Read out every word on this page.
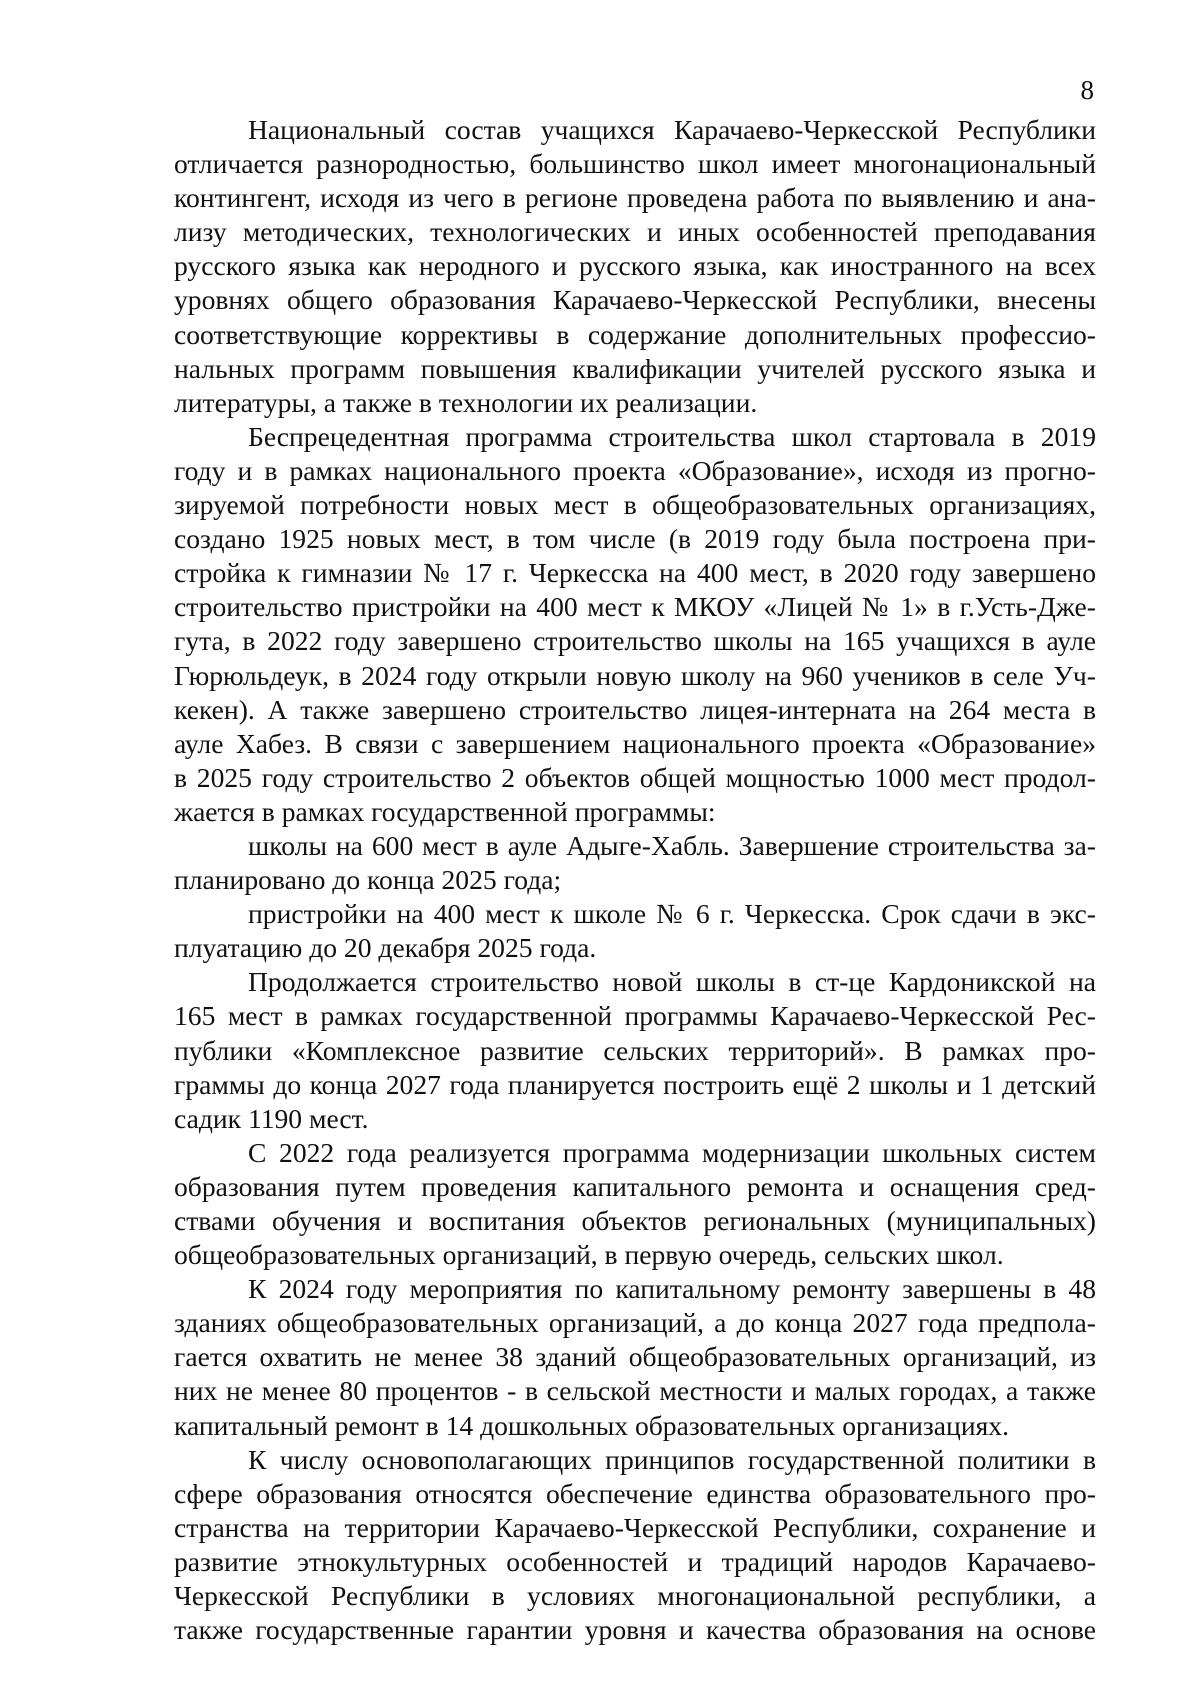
8
Национальный состав учащихся Карачаево-Черкесской Республики
отличается разнородностью, большинство школ имеет многонациональный
контингент, исходя из чего в регионе проведена работа по выявлению и ана-
лизу методических, технологических и иных особенностей преподавания
русского языка как неродного и русского языка, как иностранного на всех
уровнях общего образования Карачаево-Черкесской Республики, внесены
соответствующие коррективы в содержание дополнительных профессио-
нальных программ повышения квалификации учителей русского языка и
литературы, а также в технологии их реализации.
Беспрецедентная программа строительства школ стартовала в 2019
году и в рамках национального проекта «Образование», исходя из прогно-
зируемой потребности новых мест в общеобразовательных организациях,
создано 1925 новых мест, в том числе (в 2019 году была построена при-
стройка к гимназии № 17 г. Черкесска на 400 мест, в 2020 году завершено
строительство пристройки на 400 мест к МКОУ «Лицей № 1» в г.Усть-Дже-
гута, в 2022 году завершено строительство школы на 165 учащихся в ауле
Гюрюльдеук, в 2024 году открыли новую школу на 960 учеников в селе Уч-
кекен). А также завершено строительство лицея-интерната на 264 места в
ауле Хабез. В связи с завершением национального проекта «Образование»
в 2025 году строительство 2 объектов общей мощностью 1000 мест продол-
жается в рамках государственной программы:
школы на 600 мест в ауле Адыге-Хабль. Завершение строительства за-
планировано до конца 2025 года;
пристройки на 400 мест к школе № 6 г. Черкесска. Срок сдачи в экс-
плуатацию до 20 декабря 2025 года.
Продолжается строительство новой школы в ст-це Кардоникской на
165 мест в рамках государственной программы Карачаево-Черкесской Рес-
публики «Комплексное развитие сельских территорий». В рамках про-
граммы до конца 2027 года планируется построить ещё 2 школы и 1 детский
садик 1190 мест.
С 2022 года реализуется программа модернизации школьных систем
образования путем проведения капитального ремонта и оснащения сред-
ствами обучения и воспитания объектов региональных (муниципальных)
общеобразовательных организаций, в первую очередь, сельских школ.
К 2024 году мероприятия по капитальному ремонту завершены в 48
зданиях общеобразовательных организаций, а до конца 2027 года предпола-
гается охватить не менее 38 зданий общеобразовательных организаций, из
них не менее 80 процентов - в сельской местности и малых городах, а также
капитальный ремонт в 14 дошкольных образовательных организациях.
К числу основополагающих принципов государственной политики в
сфере образования относятся обеспечение единства образовательного про-
странства на территории Карачаево-Черкесской Республики, сохранение и
развитие этнокультурных особенностей и традиций народов Карачаево-
Черкесской Республики в условиях многонациональной республики, а
также государственные гарантии уровня и качества образования на основе
